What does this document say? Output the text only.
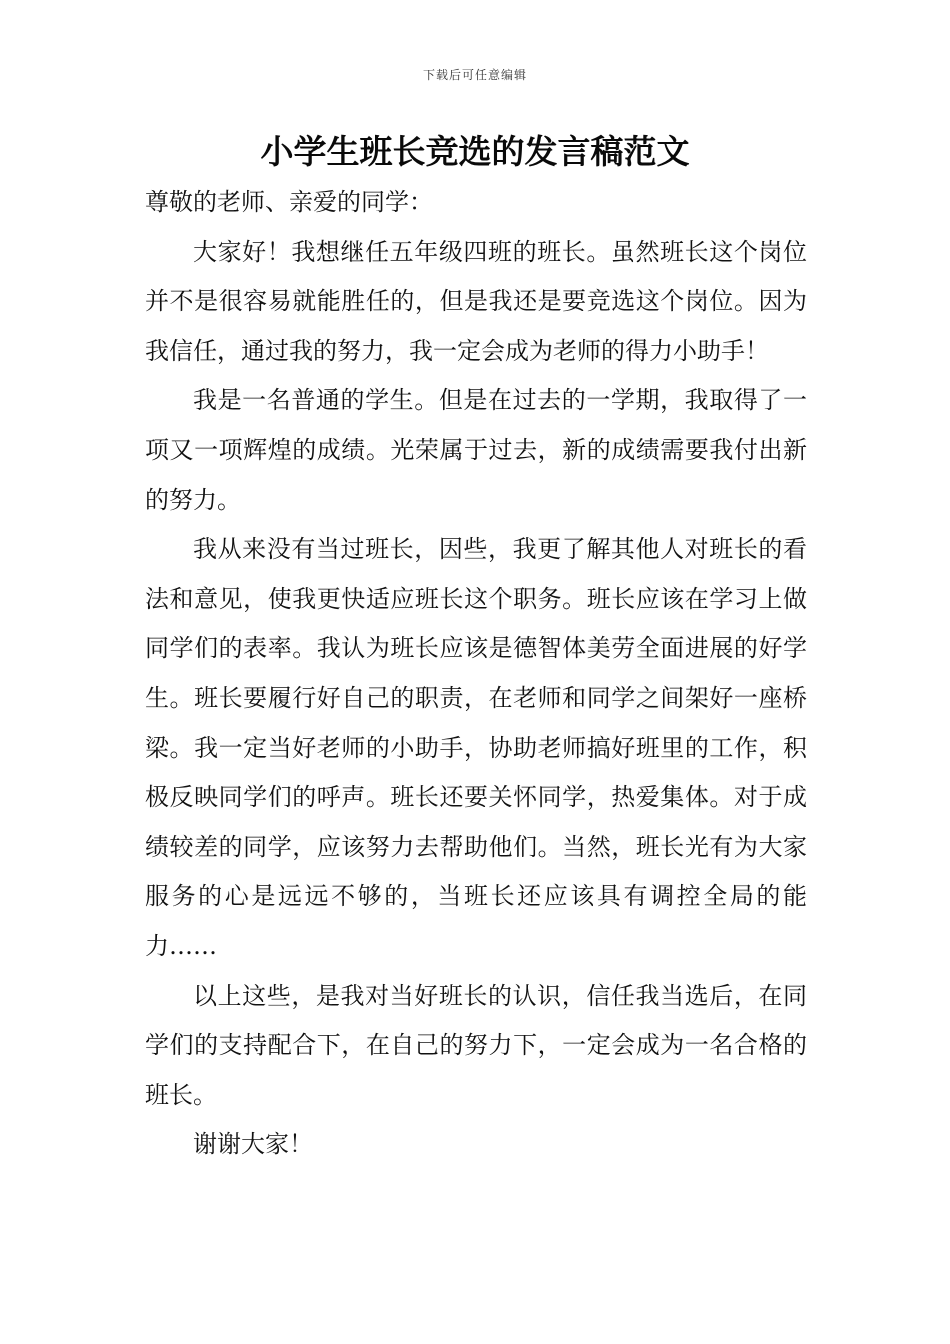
下载后可任意编辑
小学生班长竞选的发言稿范文

尊敬的老师、亲爱的同学：

大家好！我想继任五年级四班的班长。虽然班长这个岗位并不是很容易就能胜任的，但是我还是要竞选这个岗位。因为我信任，通过我的努力，我一定会成为老师的得力小助手！

我是一名普通的学生。但是在过去的一学期，我取得了一项又一项辉煌的成绩。光荣属于过去，新的成绩需要我付出新的努力。

我从来没有当过班长，因些，我更了解其他人对班长的看法和意见，使我更快适应班长这个职务。班长应该在学习上做同学们的表率。我认为班长应该是德智体美劳全面进展的好学生。班长要履行好自己的职责，在老师和同学之间架好一座桥梁。我一定当好老师的小助手，协助老师搞好班里的工作，积极反映同学们的呼声。班长还要关怀同学，热爱集体。对于成绩较差的同学，应该努力去帮助他们。当然，班长光有为大家服务的心是远远不够的，当班长还应该具有调控全局的能力……

以上这些，是我对当好班长的认识，信任我当选后，在同学们的支持配合下，在自己的努力下，一定会成为一名合格的班长。

谢谢大家！
